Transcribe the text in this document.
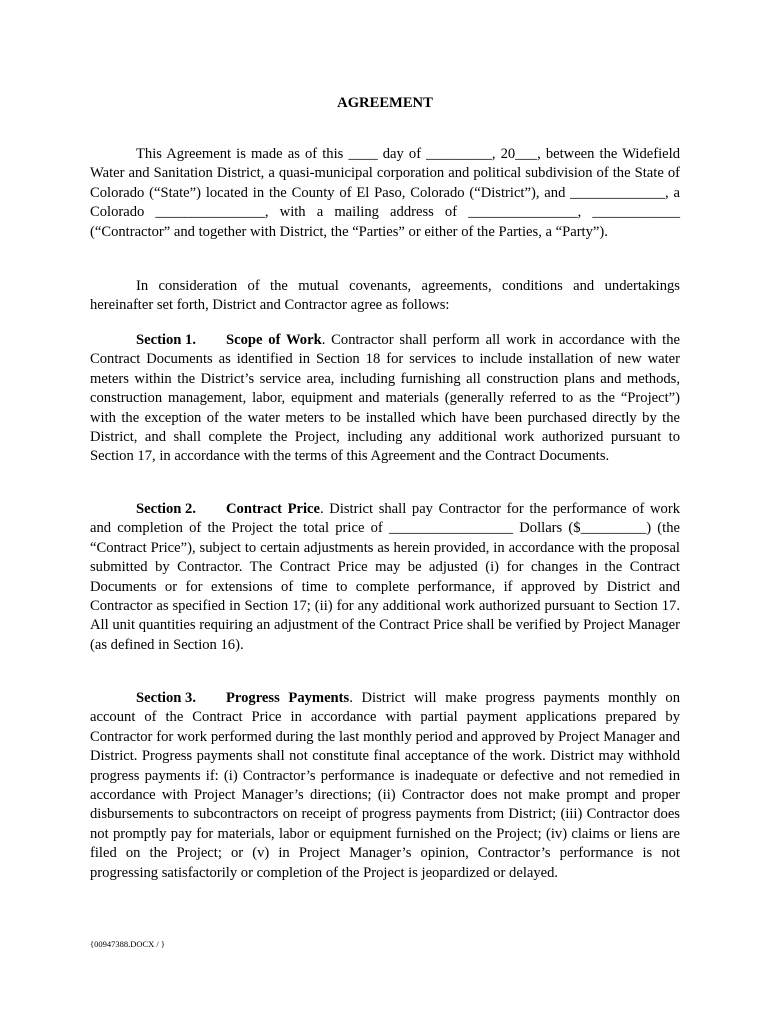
AGREEMENT

This Agreement is made as of this ____ day of _________, 20___, between the Widefield Water and Sanitation District, a quasi-municipal corporation and political subdivision of the State of Colorado (“State”) located in the County of El Paso, Colorado (“District”), and _____________, a Colorado _______________, with a mailing address of _______________, ____________ (“Contractor” and together with District, the “Parties” or either of the Parties, a “Party”).

In consideration of the mutual covenants, agreements, conditions and undertakings hereinafter set forth, District and Contractor agree as follows:

Section 1. Scope of Work. Contractor shall perform all work in accordance with the Contract Documents as identified in Section 18 for services to include installation of new water meters within the District’s service area, including furnishing all construction plans and methods, construction management, labor, equipment and materials (generally referred to as the “Project”) with the exception of the water meters to be installed which have been purchased directly by the District, and shall complete the Project, including any additional work authorized pursuant to Section 17, in accordance with the terms of this Agreement and the Contract Documents.

Section 2. Contract Price. District shall pay Contractor for the performance of work and completion of the Project the total price of _________________ Dollars ($_________) (the “Contract Price”), subject to certain adjustments as herein provided, in accordance with the proposal submitted by Contractor. The Contract Price may be adjusted (i) for changes in the Contract Documents or for extensions of time to complete performance, if approved by District and Contractor as specified in Section 17; (ii) for any additional work authorized pursuant to Section 17. All unit quantities requiring an adjustment of the Contract Price shall be verified by Project Manager (as defined in Section 16).

Section 3. Progress Payments. District will make progress payments monthly on account of the Contract Price in accordance with partial payment applications prepared by Contractor for work performed during the last monthly period and approved by Project Manager and District. Progress payments shall not constitute final acceptance of the work. District may withhold progress payments if: (i) Contractor’s performance is inadequate or defective and not remedied in accordance with Project Manager’s directions; (ii) Contractor does not make prompt and proper disbursements to subcontractors on receipt of progress payments from District; (iii) Contractor does not promptly pay for materials, labor or equipment furnished on the Project; (iv) claims or liens are filed on the Project; or (v) in Project Manager’s opinion, Contractor’s performance is not progressing satisfactorily or completion of the Project is jeopardized or delayed.

{00947388.DOCX / }
